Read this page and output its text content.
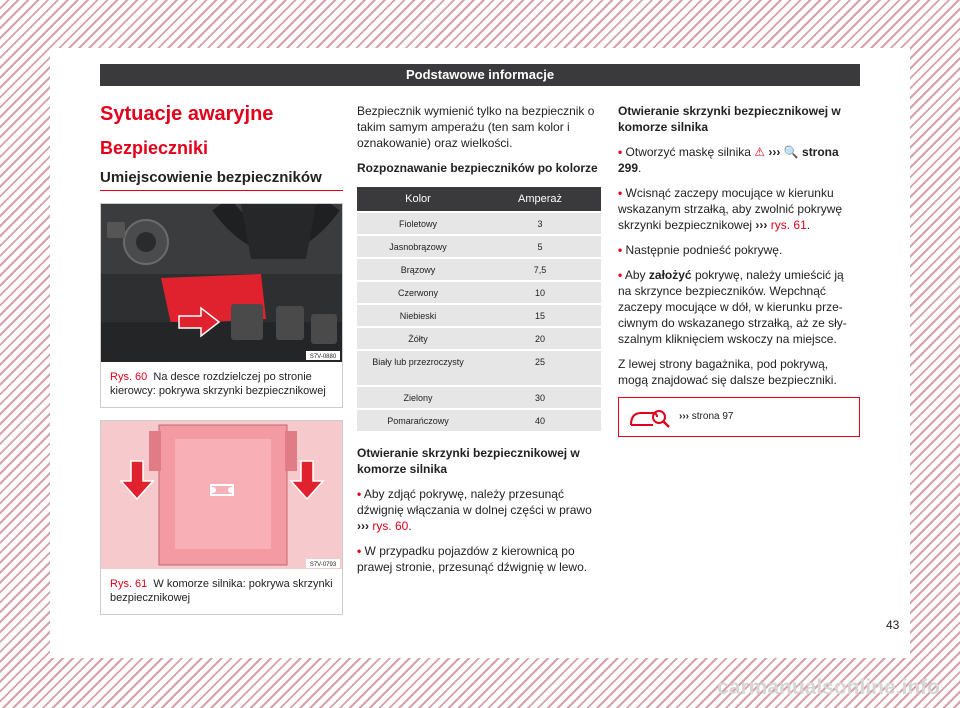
Podstawowe informacje
Sytuacje awaryjne
Bezpieczniki
Umiejscowienie bezpieczników
S7V-0880
Rys. 60 Na desce rozdzielczej po stronie kierowcy: pokrywa skrzynki bezpiecznikowej
S7V-0793
Rys. 61 W komorze silnika: pokrywa skrzynki bezpiecznikowej

Bezpiecznik wymienić tylko na bezpiecznik o takim samym amperażu (ten sam kolor i oznakowanie) oraz wielkości.

Rozpoznawanie bezpieczników po kolorze

Kolor	Amperaż
Fioletowy	3
Jasnobrązowy	5
Brązowy	7,5
Czerwony	10
Niebieski	15
Żółty	20
Biały lub przezroczysty	25
Zielony	30
Pomarańczowy	40

Otwieranie skrzynki bezpiecznikowej w komorze silnika

• Aby zdjąć pokrywę, należy przesunąć dźwignię włączania w dolnej części w prawo ››› rys. 60.

• W przypadku pojazdów z kierownicą po prawej stronie, przesunąć dźwignię w lewo.

Otwieranie skrzynki bezpiecznikowej w komorze silnika

• Otworzyć maskę silnika ⚠ ››› 🔍 strona 299.

• Wcisnąć zaczepy mocujące w kierunku wskazanym strzałką, aby zwolnić pokrywę skrzynki bezpiecznikowej ››› rys. 61.

• Następnie podnieść pokrywę.

• Aby założyć pokrywę, należy umieścić ją na skrzynce bezpieczników. Wepchnąć zaczepy mocujące w dół, w kierunku przeciwnym do wskazanego strzałką, aż ze słyszalnym kliknięciem wskoczy na miejsce.

Z lewej strony bagażnika, pod pokrywą, mogą znajdować się dalsze bezpieczniki.

››› strona 97
43
carmanualsonline.info
